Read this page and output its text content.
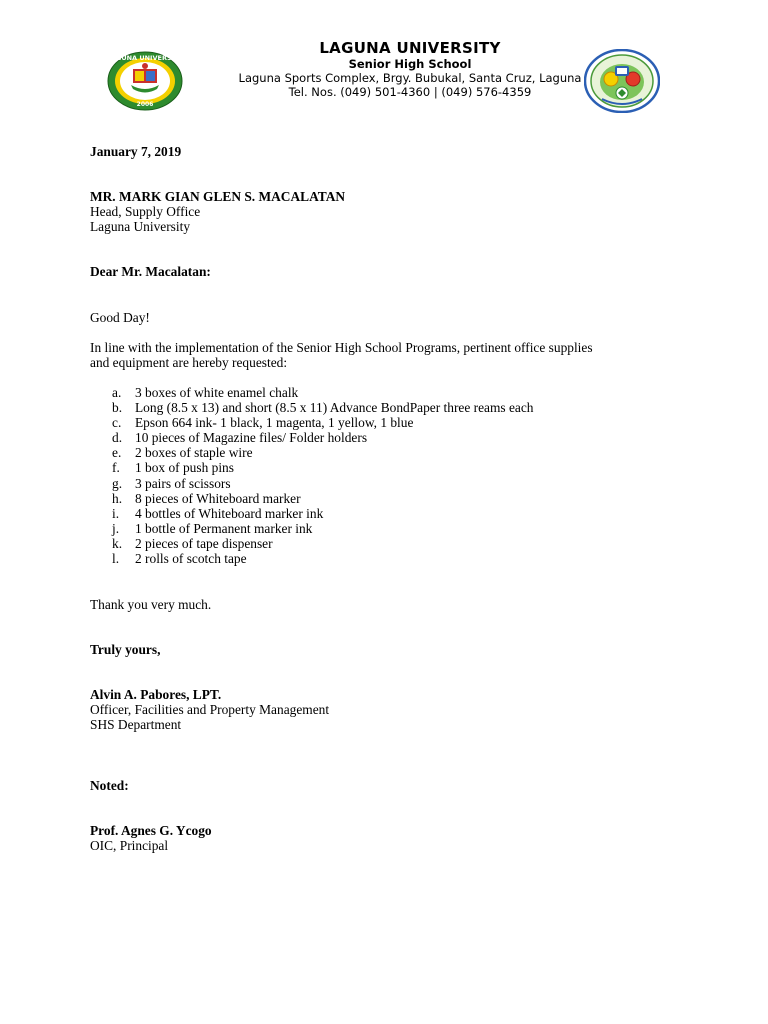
LAGUNA UNIVERSITY
2006
LAGUNA UNIVERSITY
Senior High School
Laguna Sports Complex, Brgy. Bubukal, Santa Cruz, Laguna
Tel. Nos. (049) 501-4360 | (049) 576-4359
January 7, 2019
MR. MARK GIAN GLEN S. MACALATAN
Head, Supply Office
Laguna University
Dear Mr. Macalatan:
Good Day!
In line with the implementation of the Senior High School Programs, pertinent office supplies
and equipment are hereby requested:
a.	3 boxes of white enamel chalk
b. Long (8.5 x 13) and short (8.5 x 11) Advance BondPaper three reams each
c.	Epson 664 ink- 1 black, 1 magenta, 1 yellow, 1 blue
d. 10 pieces of Magazine files/ Folder holders
e.	2 boxes of staple wire
f.	1 box of push pins
g. 3 pairs of scissors
h. 8 pieces of Whiteboard marker
i.	4 bottles of Whiteboard marker ink
j.	1 bottle of Permanent marker ink
k. 2 pieces of tape dispenser
l.	2 rolls of scotch tape
Thank you very much.
Truly yours,
Alvin A. Pabores, LPT.
Officer, Facilities and Property Management
SHS Department
Noted:
Prof. Agnes G. Ycogo
OIC, Principal
